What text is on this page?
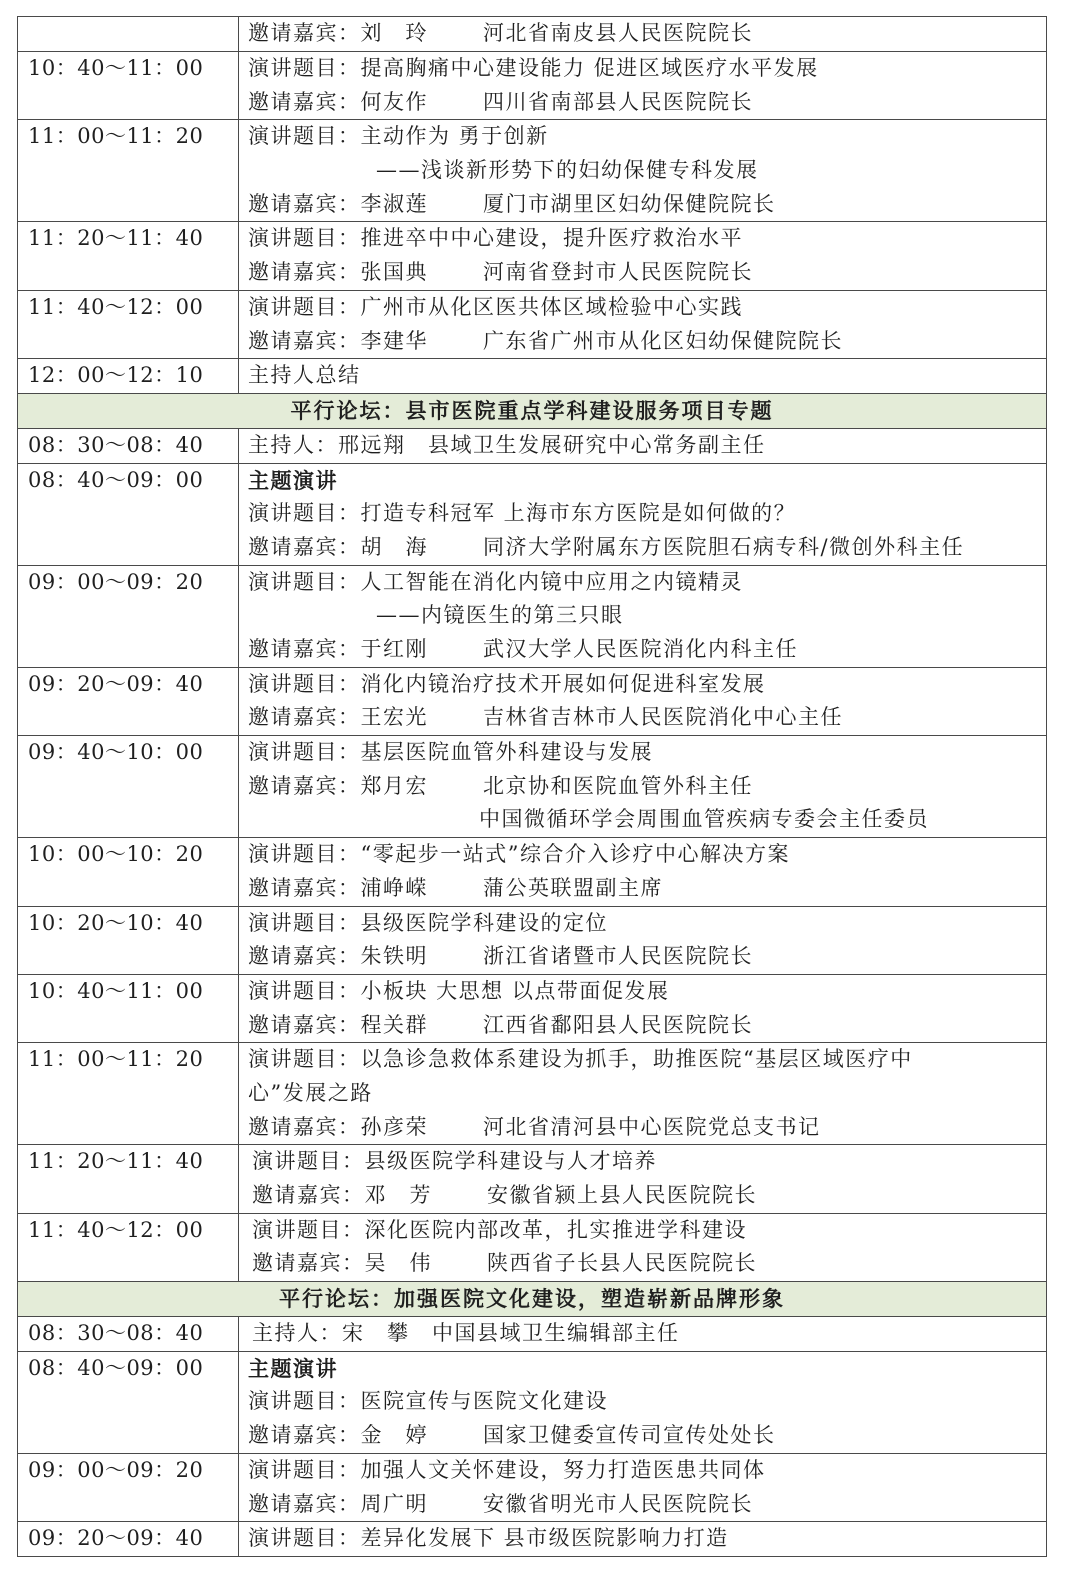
	邀请嘉宾：刘　玲　 河北省南皮县人民医院院长

10：40～11：00	演讲题目：提高胸痛中心建设能力 促进区域医疗水平发展
邀请嘉宾：何友作　 四川省南部县人民医院院长

11：00～11：20	演讲题目：主动作为 勇于创新
——浅谈新形势下的妇幼保健专科发展
邀请嘉宾：李淑莲　 厦门市湖里区妇幼保健院院长

11：20～11：40	演讲题目：推进卒中中心建设，提升医疗救治水平
邀请嘉宾：张国典　 河南省登封市人民医院院长

11：40～12：00	演讲题目：广州市从化区医共体区域检验中心实践
邀请嘉宾：李建华　 广东省广州市从化区妇幼保健院院长

12：00～12：10	主持人总结

平行论坛：县市医院重点学科建设服务项目专题	
08：30～08：40	主持人：邢远翔　 县域卫生发展研究中心常务副主任

08：40～09：00	主题演讲
演讲题目：打造专科冠军 上海市东方医院是如何做的？
邀请嘉宾：胡　海　 同济大学附属东方医院胆石病专科/微创外科主任

09：00～09：20	演讲题目：人工智能在消化内镜中应用之内镜精灵
——内镜医生的第三只眼
邀请嘉宾：于红刚　 武汉大学人民医院消化内科主任

09：20～09：40	演讲题目：消化内镜治疗技术开展如何促进科室发展
邀请嘉宾：王宏光　 吉林省吉林市人民医院消化中心主任

09：40～10：00	演讲题目：基层医院血管外科建设与发展
邀请嘉宾：郑月宏　 北京协和医院血管外科主任
中国微循环学会周围血管疾病专委会主任委员

10：00～10：20	演讲题目：“零起步一站式”综合介入诊疗中心解决方案
邀请嘉宾：浦峥嵘　 蒲公英联盟副主席

10：20～10：40	演讲题目：县级医院学科建设的定位
邀请嘉宾：朱铁明　 浙江省诸暨市人民医院院长

10：40～11：00	演讲题目：小板块 大思想 以点带面促发展
邀请嘉宾：程关群　 江西省鄱阳县人民医院院长

11：00～11：20	演讲题目：以急诊急救体系建设为抓手，助推医院“基层区域医疗中
心”发展之路
邀请嘉宾：孙彦荣　 河北省清河县中心医院党总支书记

11：20～11：40	演讲题目：县级医院学科建设与人才培养
邀请嘉宾：邓　芳　 安徽省颍上县人民医院院长

11：40～12：00	演讲题目：深化医院内部改革，扎实推进学科建设
邀请嘉宾：吴　伟　 陕西省子长县人民医院院长

平行论坛：加强医院文化建设，塑造崭新品牌形象	
08：30～08：40	主持人：宋　攀　 中国县域卫生编辑部主任

08：40～09：00	主题演讲
演讲题目：医院宣传与医院文化建设
邀请嘉宾：金　婷　 国家卫健委宣传司宣传处处长

09：00～09：20	演讲题目：加强人文关怀建设，努力打造医患共同体
邀请嘉宾：周广明　 安徽省明光市人民医院院长

09：20～09：40	演讲题目：差异化发展下 县市级医院影响力打造
